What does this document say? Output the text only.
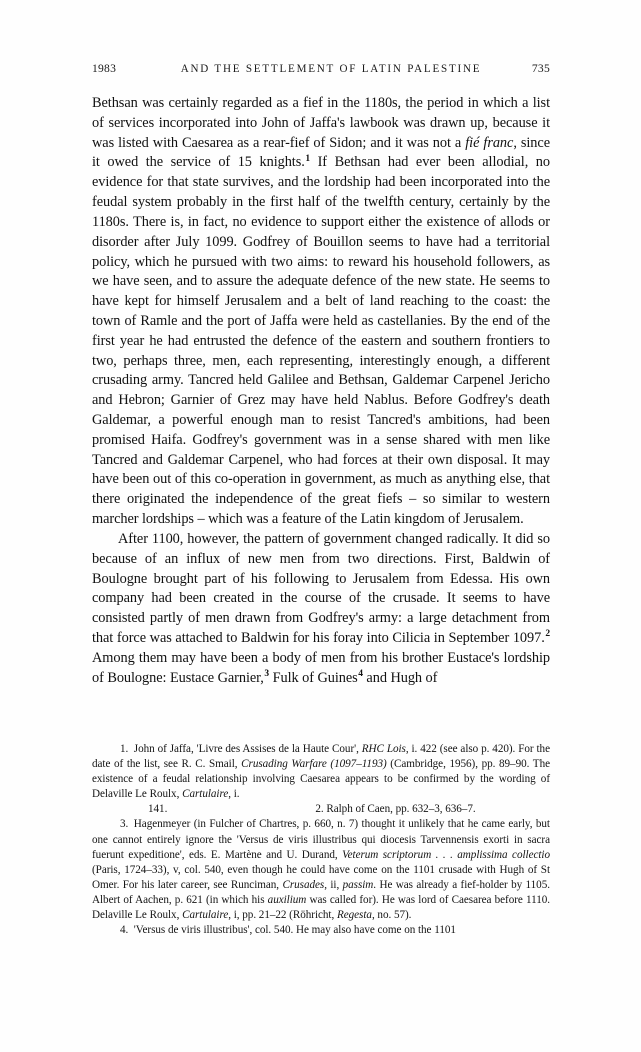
1983	AND THE SETTLEMENT OF LATIN PALESTINE	735

Bethsan was certainly regarded as a fief in the 1180s, the period in which a list of services incorporated into John of Jaffa's lawbook was drawn up, because it was listed with Caesarea as a rear-fief of Sidon; and it was not a fié franc, since it owed the service of 15 knights.$^1$ If Bethsan had ever been allodial, no evidence for that state survives, and the lordship had been incorporated into the feudal system probably in the first half of the twelfth century, certainly by the 1180s. There is, in fact, no evidence to support either the existence of allods or disorder after July 1099. Godfrey of Bouillon seems to have had a territorial policy, which he pursued with two aims: to reward his household followers, as we have seen, and to assure the adequate defence of the new state. He seems to have kept for himself Jerusalem and a belt of land reaching to the coast: the town of Ramle and the port of Jaffa were held as castellanies. By the end of the first year he had entrusted the defence of the eastern and southern frontiers to two, perhaps three, men, each representing, interestingly enough, a different crusading army. Tancred held Galilee and Bethsan, Galdemar Carpenel Jericho and Hebron; Garnier of Grez may have held Nablus. Before Godfrey's death Galdemar, a powerful enough man to resist Tancred's ambitions, had been promised Haifa. Godfrey's government was in a sense shared with men like Tancred and Galdemar Carpenel, who had forces at their own disposal. It may have been out of this co-operation in government, as much as anything else, that there originated the independence of the great fiefs – so similar to western marcher lordships – which was a feature of the Latin kingdom of Jerusalem.

After 1100, however, the pattern of government changed radically. It did so because of an influx of new men from two directions. First, Baldwin of Boulogne brought part of his following to Jerusalem from Edessa. His own company had been created in the course of the crusade. It seems to have consisted partly of men drawn from Godfrey's army: a large detachment from that force was attached to Baldwin for his foray into Cilicia in September 1097.$^2$ Among them may have been a body of men from his brother Eustace's lordship of Boulogne: Eustace Garnier,$^3$ Fulk of Guines$^4$ and Hugh of

1. John of Jaffa, 'Livre des Assises de la Haute Cour', RHC Lois, i. 422 (see also p. 420). For the date of the list, see R. C. Smail, Crusading Warfare (1097–1193) (Cambridge, 1956), pp. 89–90. The existence of a feudal relationship involving Caesarea appears to be confirmed by the wording of Delaville Le Roulx, Cartulaire, i.
141.	2. Ralph of Caen, pp. 632–3, 636–7.

3. Hagenmeyer (in Fulcher of Chartres, p. 660, n. 7) thought it unlikely that he came early, but one cannot entirely ignore the 'Versus de viris illustribus qui diocesis Tarvennensis exorti in sacra fuerunt expeditione', eds. E. Martène and U. Durand, Veterum scriptorum . . . amplissima collectio (Paris, 1724–33), v, col. 540, even though he could have come on the 1101 crusade with Hugh of St Omer. For his later career, see Runciman, Crusades, ii, passim. He was already a fief-holder by 1105. Albert of Aachen, p. 621 (in which his auxilium was called for). He was lord of Caesarea before 1110. Delaville Le Roulx, Cartulaire, i, pp. 21–22 (Röhricht, Regesta, no. 57).

4. 'Versus de viris illustribus', col. 540. He may also have come on the 1101
